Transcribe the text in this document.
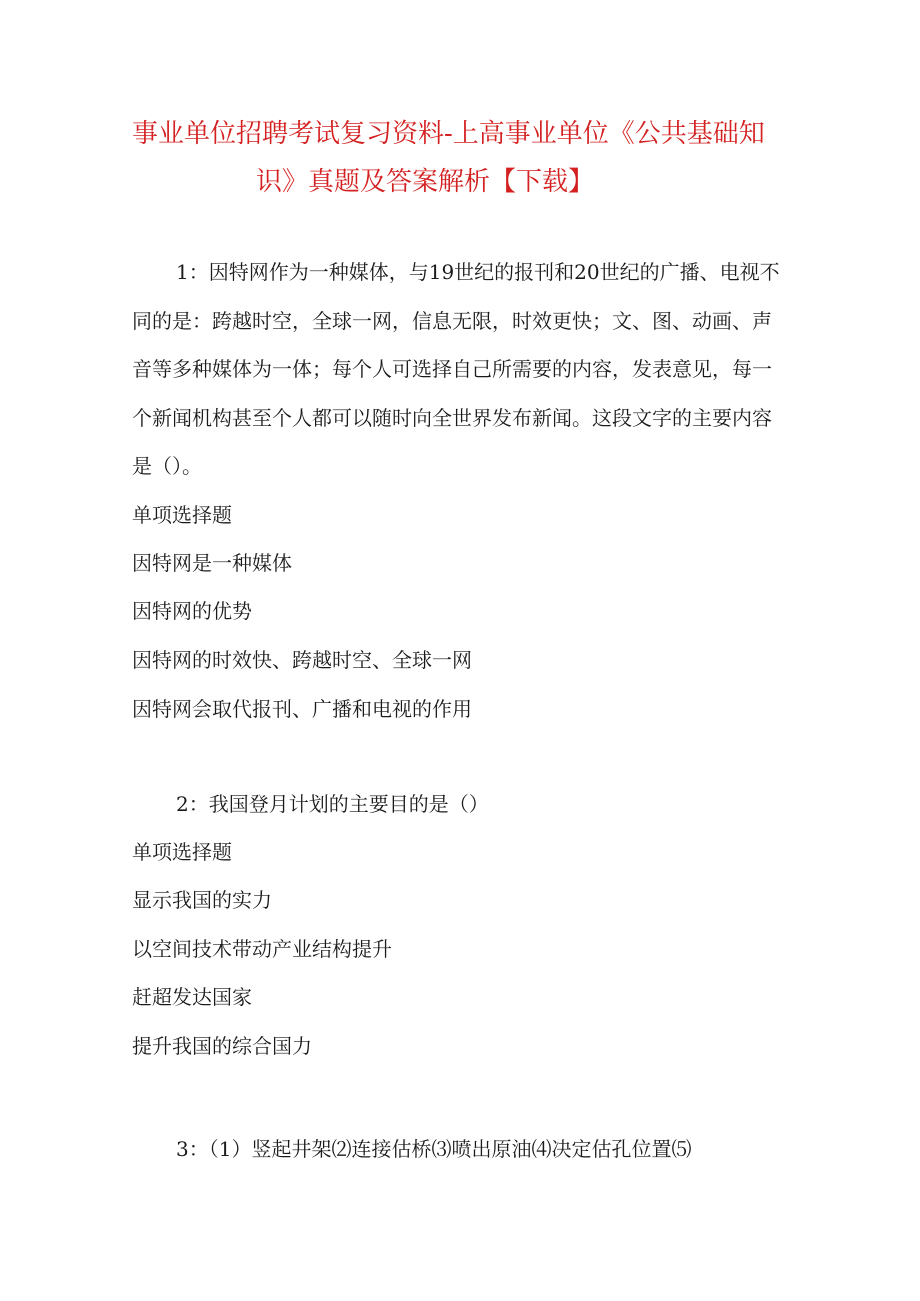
事业单位招聘考试复习资料-上高事业单位《公共基础知
识》真题及答案解析【下载】

1：因特网作为一种媒体，与19世纪的报刊和20世纪的广播、电视不同的是：跨越时空，全球一网，信息无限，时效更快；文、图、动画、声音等多种媒体为一体；每个人可选择自己所需要的内容，发表意见，每一个新闻机构甚至个人都可以随时向全世界发布新闻。这段文字的主要内容是（）。

单项选择题

因特网是一种媒体

因特网的优势

因特网的时效快、跨越时空、全球一网

因特网会取代报刊、广播和电视的作用

2：我国登月计划的主要目的是（）

单项选择题

显示我国的实力

以空间技术带动产业结构提升

赶超发达国家

提升我国的综合国力

3：（1）竖起井架⑵连接估桥⑶喷出原油⑷决定估孔位置⑸
